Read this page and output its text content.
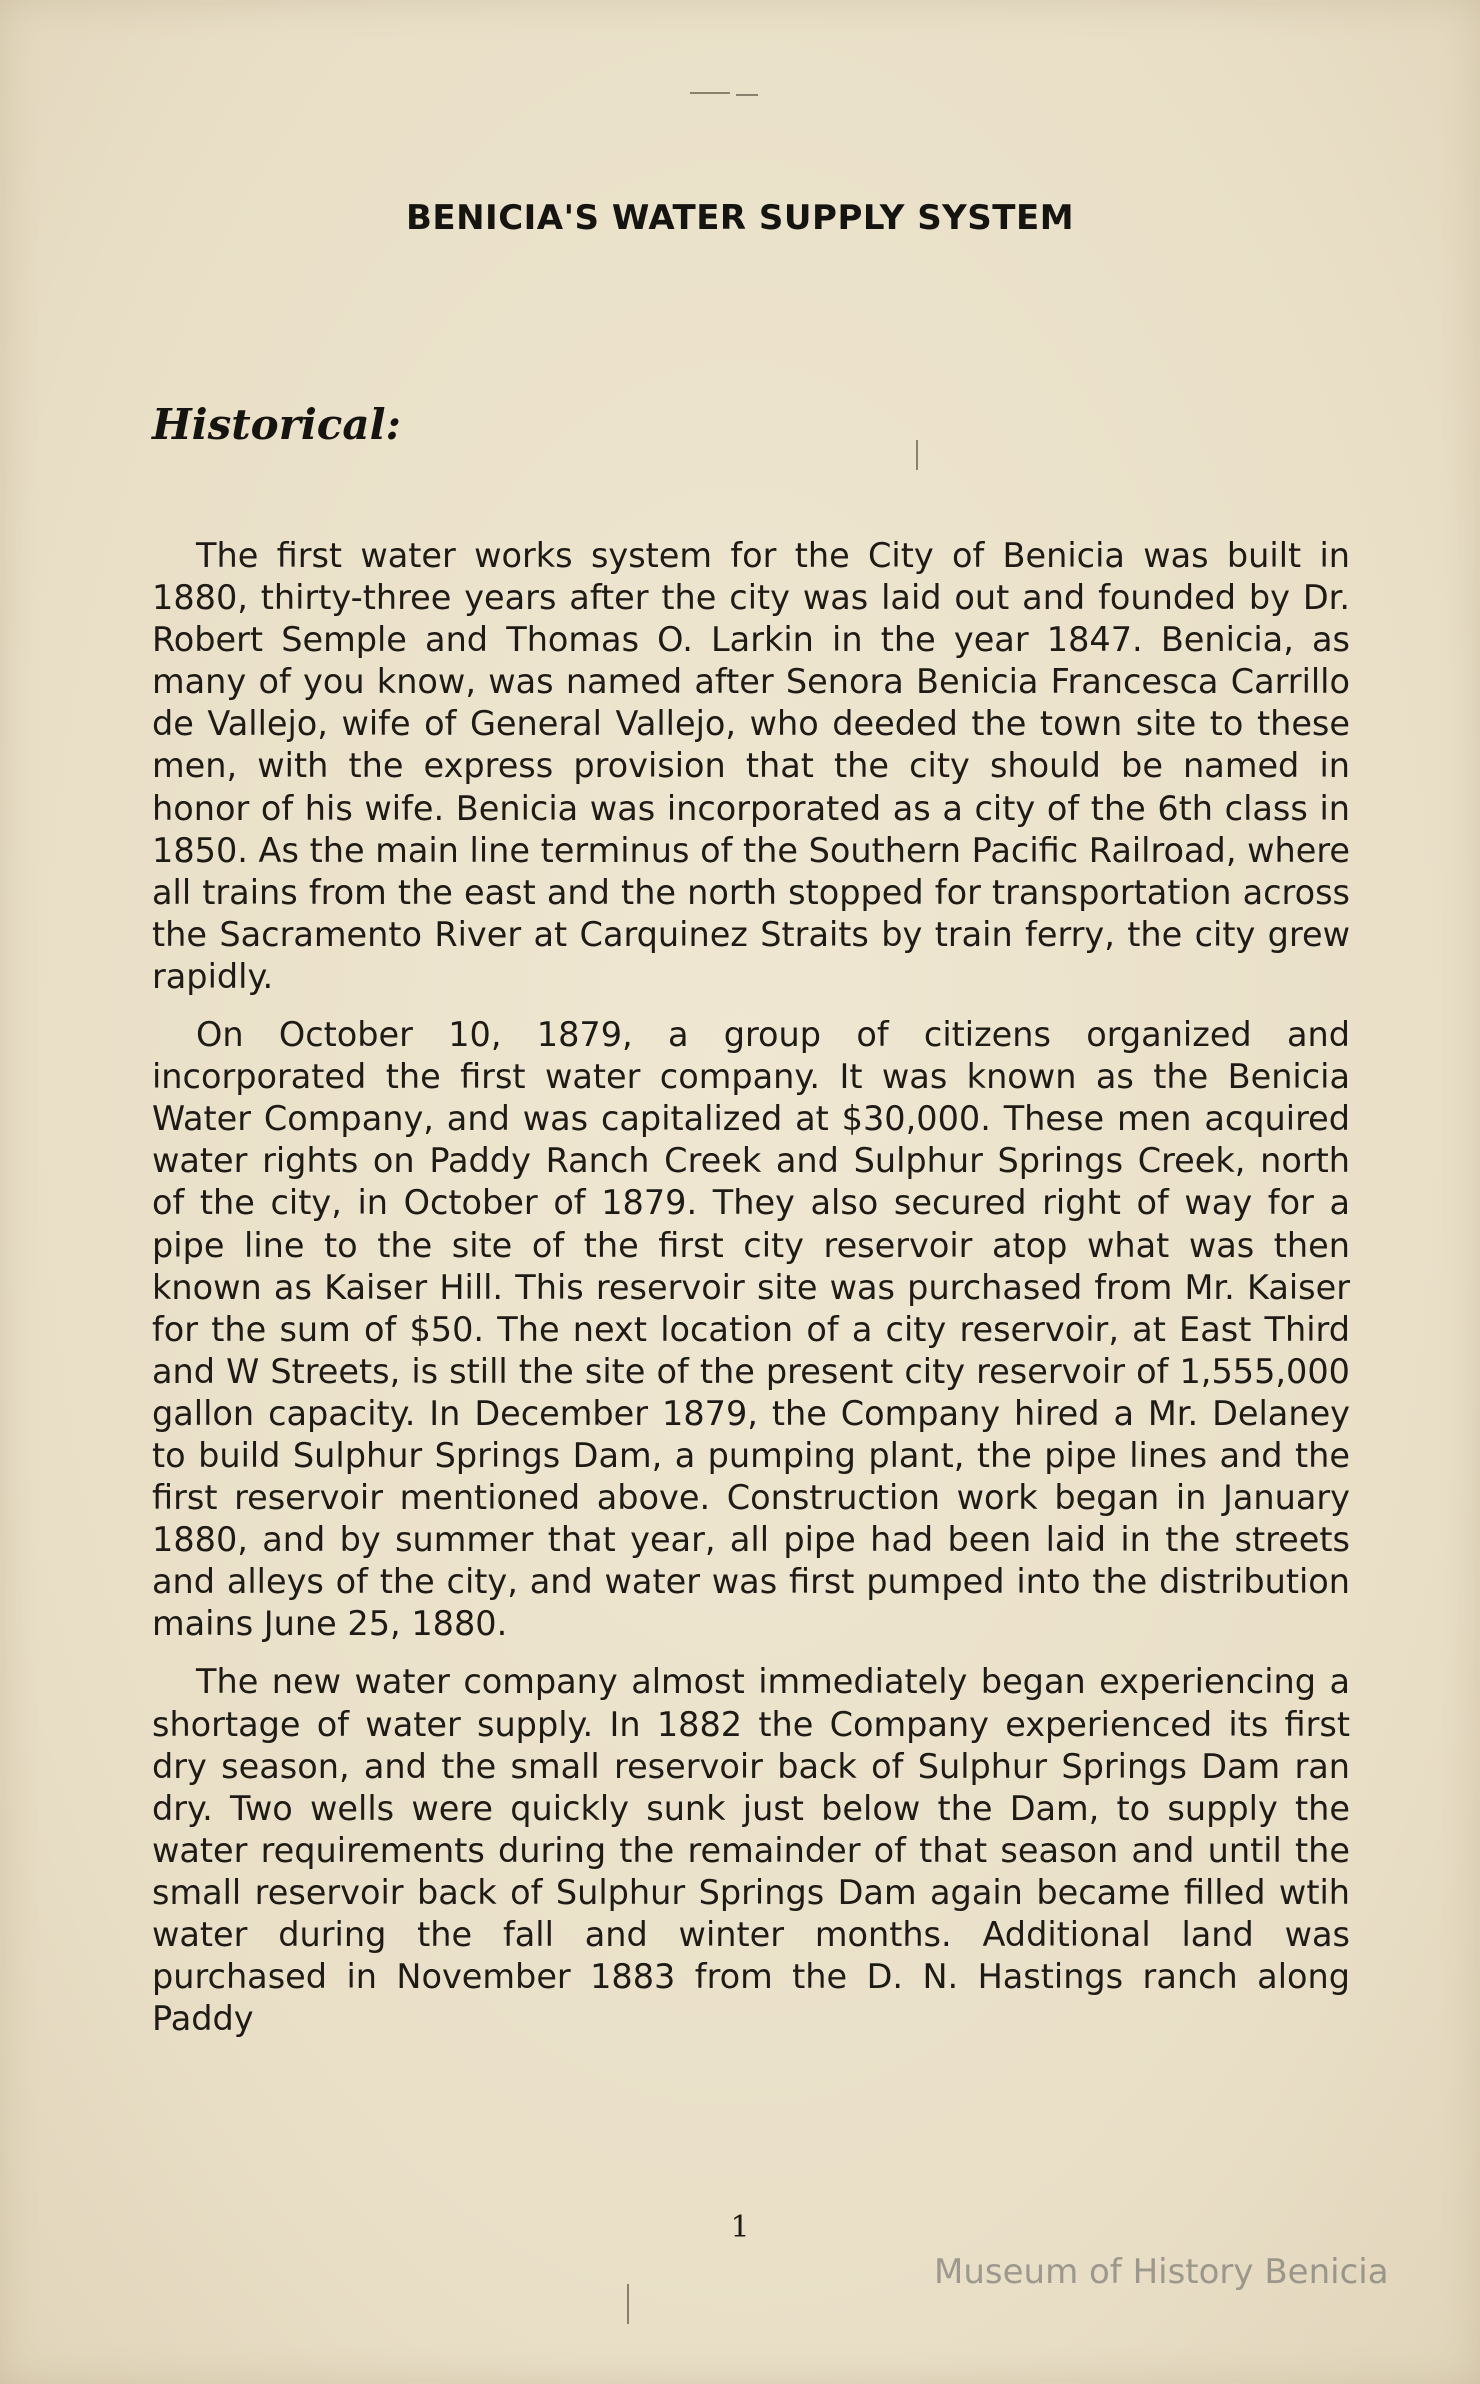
BENICIA'S WATER SUPPLY SYSTEM
Historical:

The first water works system for the City of Benicia was built in 1880, thirty-three years after the city was laid out and founded by Dr. Robert Semple and Thomas O. Larkin in the year 1847. Benicia, as many of you know, was named after Senora Benicia Francesca Carrillo de Vallejo, wife of General Vallejo, who deeded the town site to these men, with the express provision that the city should be named in honor of his wife. Benicia was incorporated as a city of the 6th class in 1850. As the main line terminus of the Southern Pacific Railroad, where all trains from the east and the north stopped for transportation across the Sacramento River at Carquinez Straits by train ferry, the city grew rapidly.

On October 10, 1879, a group of citizens organized and incorporated the first water company. It was known as the Benicia Water Company, and was capitalized at $30,000. These men acquired water rights on Paddy Ranch Creek and Sulphur Springs Creek, north of the city, in October of 1879. They also secured right of way for a pipe line to the site of the first city reservoir atop what was then known as Kaiser Hill. This reservoir site was purchased from Mr. Kaiser for the sum of $50. The next location of a city reservoir, at East Third and W Streets, is still the site of the present city reservoir of 1,555,000 gallon capacity. In December 1879, the Company hired a Mr. Delaney to build Sulphur Springs Dam, a pumping plant, the pipe lines and the first reservoir mentioned above. Construction work began in January 1880, and by summer that year, all pipe had been laid in the streets and alleys of the city, and water was first pumped into the distribution mains June 25, 1880.

The new water company almost immediately began experiencing a shortage of water supply. In 1882 the Company experienced its first dry season, and the small reservoir back of Sulphur Springs Dam ran dry. Two wells were quickly sunk just below the Dam, to supply the water requirements during the remainder of that season and until the small reservoir back of Sulphur Springs Dam again became filled wtih water during the fall and winter months. Additional land was purchased in November 1883 from the D. N. Hastings ranch along Paddy

1
Museum of History Benicia
